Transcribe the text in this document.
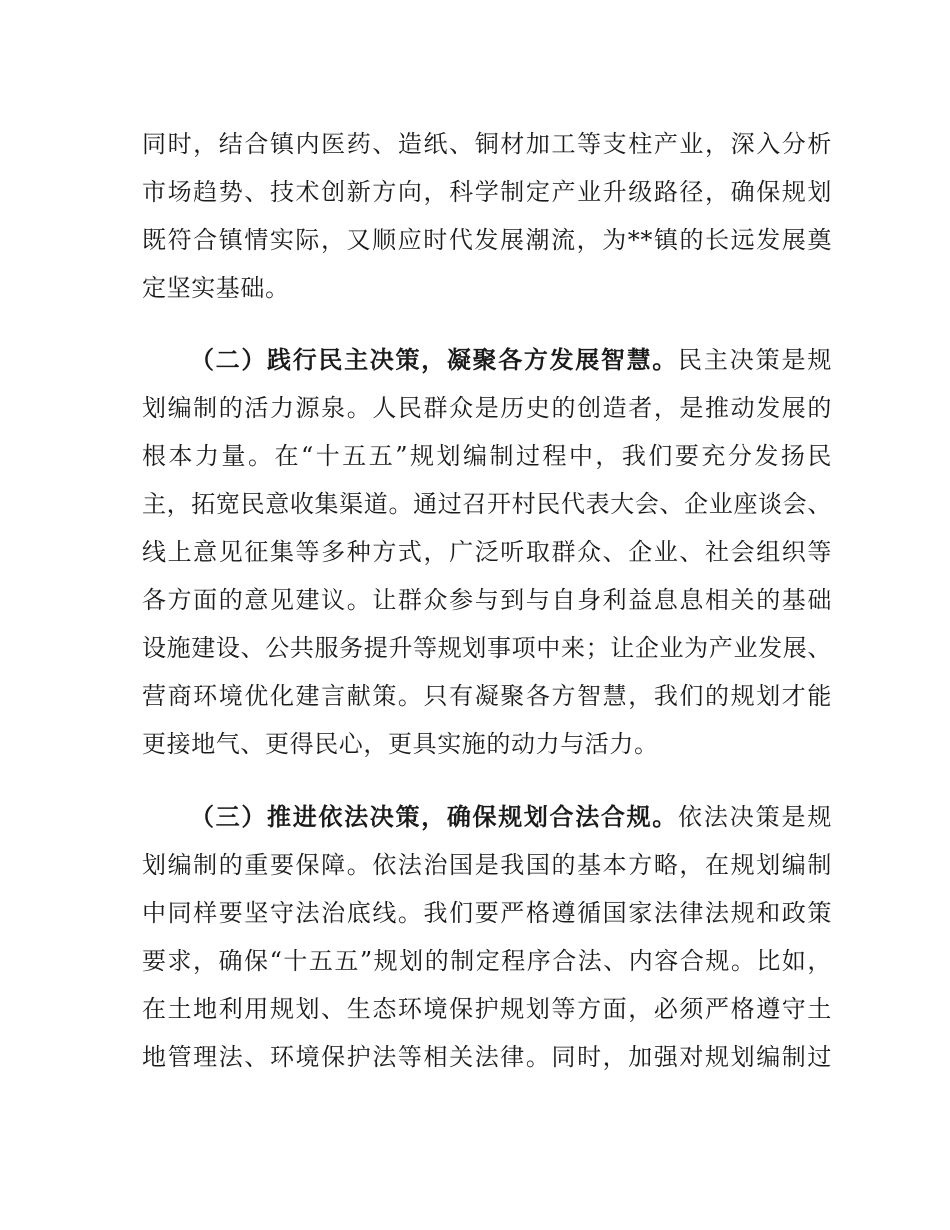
同时，结合镇内医药、造纸、铜材加工等支柱产业，深入分析
市场趋势、技术创新方向，科学制定产业升级路径，确保规划
既符合镇情实际，又顺应时代发展潮流，为**镇的长远发展奠
定坚实基础。
（二）践行民主决策，凝聚各方发展智慧。民主决策是规
划编制的活力源泉。人民群众是历史的创造者，是推动发展的
根本力量。在“十五五”规划编制过程中，我们要充分发扬民
主，拓宽民意收集渠道。通过召开村民代表大会、企业座谈会、
线上意见征集等多种方式，广泛听取群众、企业、社会组织等
各方面的意见建议。让群众参与到与自身利益息息相关的基础
设施建设、公共服务提升等规划事项中来；让企业为产业发展、
营商环境优化建言献策。只有凝聚各方智慧，我们的规划才能
更接地气、更得民心，更具实施的动力与活力。
（三）推进依法决策，确保规划合法合规。依法决策是规
划编制的重要保障。依法治国是我国的基本方略，在规划编制
中同样要坚守法治底线。我们要严格遵循国家法律法规和政策
要求，确保“十五五”规划的制定程序合法、内容合规。比如，
在土地利用规划、生态环境保护规划等方面，必须严格遵守土
地管理法、环境保护法等相关法律。同时，加强对规划编制过
